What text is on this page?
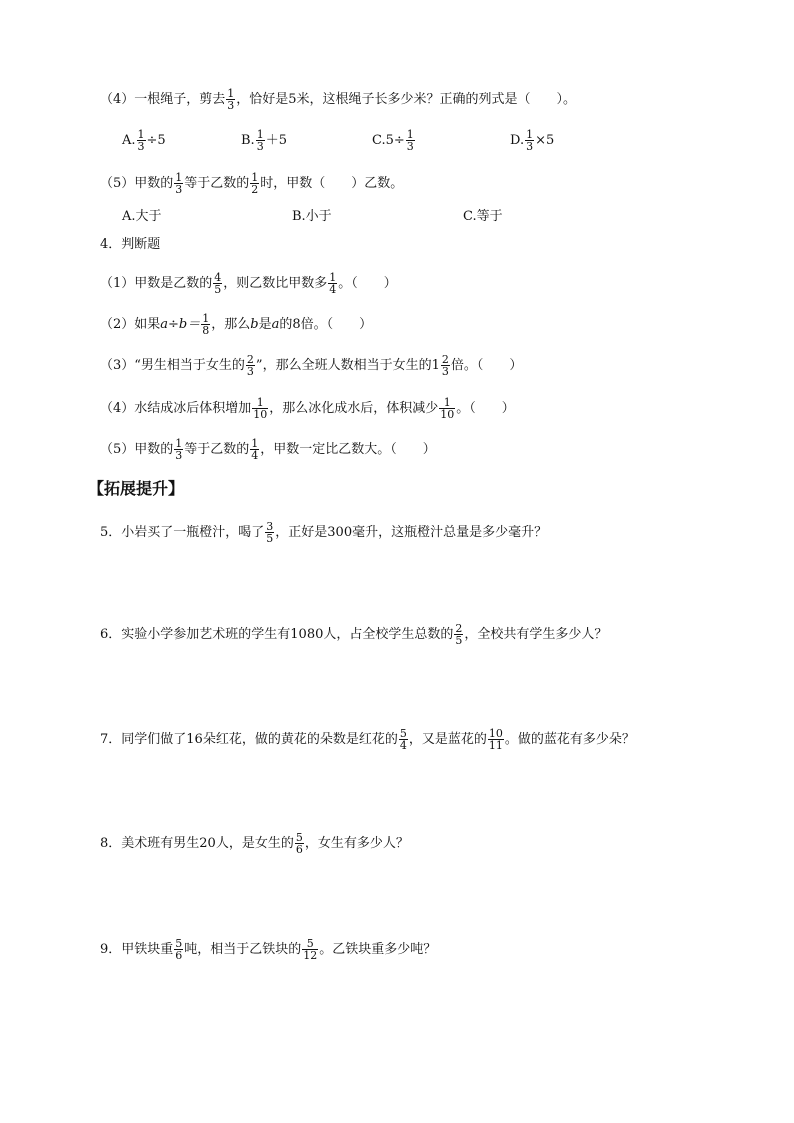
（4）一根绳子，剪去 $\frac{1}{3}$ ，恰好是5米，这根绳子长多少米？正确的列式是（　　）。
A. $\frac{1}{3} \div 5$	B. $\frac{1}{3} +5$	$C.5\div \frac{1}{3}$	D. $\frac{1}{3} \times 5$
（5）甲数的 $\frac{1}{3}$ 等于乙数的 $\frac{1}{2}$ 时，甲数（　　）乙数。
A.大于	B.小于	C.等于
4．判断题
（1）甲数是乙数的 $\frac{4}{5}$ ，则乙数比甲数多 $\frac{1}{4}$ 。（　　）
（2）如果$a\div b= \frac{1}{8}$ ，那么b是a的8倍。（　　）
（3）“男生相当于女生的 $\frac{2}{3}$ ”，那么全班人数相当于女生的$1 \frac{2}{3}$ 倍。（　　）
（4）水结成冰后体积增加 $\frac{1}{10}$ ，那么冰化成水后，体积减少 $\frac{1}{10}$ 。（　　）
（5）甲数的 $\frac{1}{3}$ 等于乙数的 $\frac{1}{4}$ ，甲数一定比乙数大。（　　）
【拓展提升】
5．小岩买了一瓶橙汁，喝了 $\frac{3}{5}$ ，正好是300毫升，这瓶橙汁总量是多少毫升？
6．实验小学参加艺术班的学生有1080人，占全校学生总数的 $\frac{2}{5}$ ，全校共有学生多少人？
7．同学们做了16朵红花，做的黄花的朵数是红花的 $\frac{5}{4}$ ，又是蓝花的 $\frac{10}{11}$ 。做的蓝花有多少朵？
8．美术班有男生20人，是女生的 $\frac{5}{6}$ ，女生有多少人？
9．甲铁块重 $\frac{5}{6}$ 吨，相当于乙铁块的 $\frac{5}{12}$ 。乙铁块重多少吨？
